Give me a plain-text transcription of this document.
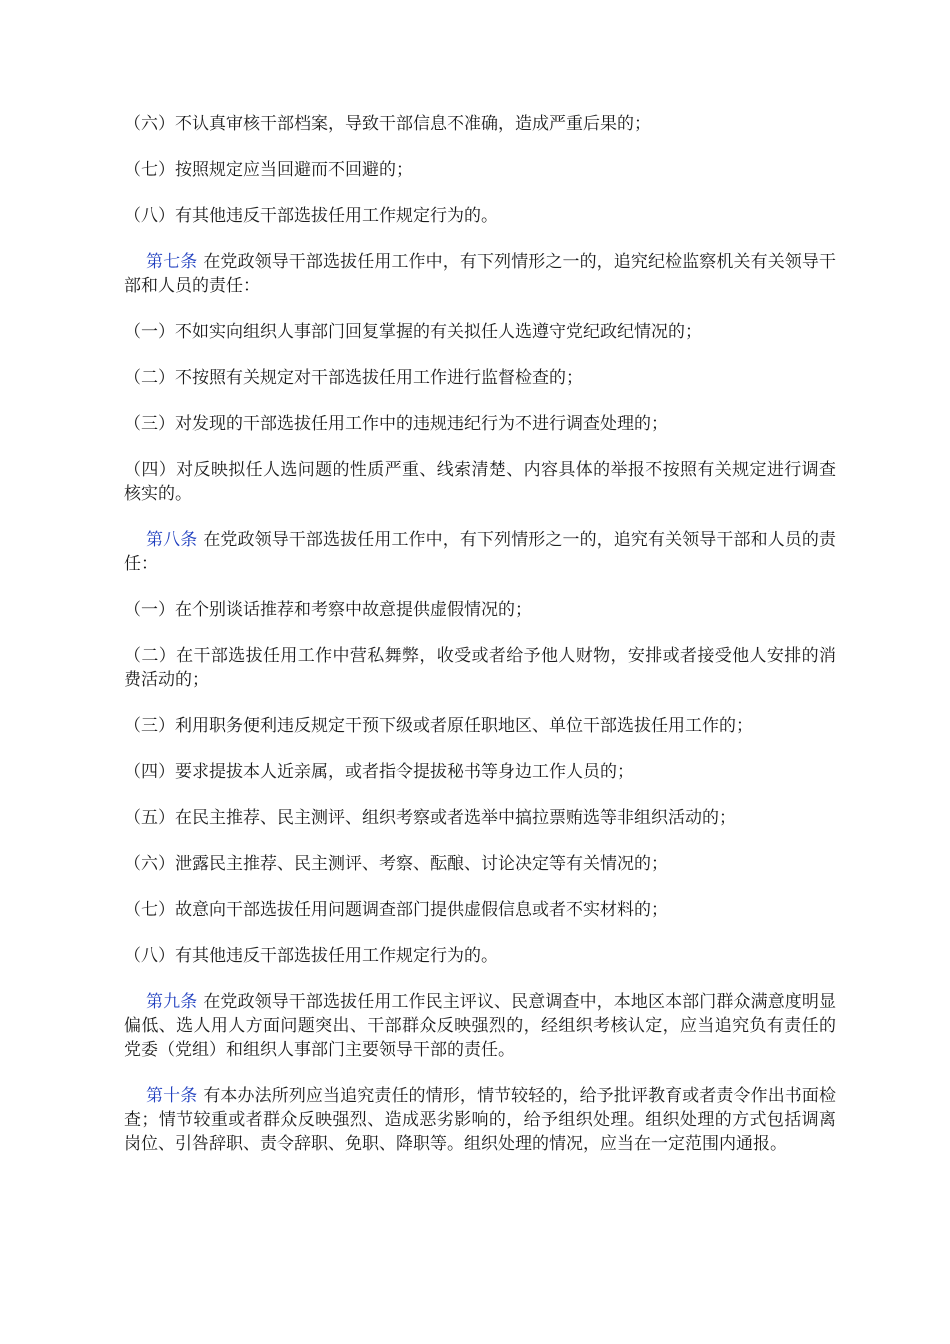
（六）不认真审核干部档案，导致干部信息不准确，造成严重后果的；

（七）按照规定应当回避而不回避的；

（八）有其他违反干部选拔任用工作规定行为的。

第七条 在党政领导干部选拔任用工作中，有下列情形之一的，追究纪检监察机关有关领导干部和人员的责任：

（一）不如实向组织人事部门回复掌握的有关拟任人选遵守党纪政纪情况的；

（二）不按照有关规定对干部选拔任用工作进行监督检查的；

（三）对发现的干部选拔任用工作中的违规违纪行为不进行调查处理的；

（四）对反映拟任人选问题的性质严重、线索清楚、内容具体的举报不按照有关规定进行调查核实的。

第八条 在党政领导干部选拔任用工作中，有下列情形之一的，追究有关领导干部和人员的责任：

（一）在个别谈话推荐和考察中故意提供虚假情况的；

（二）在干部选拔任用工作中营私舞弊，收受或者给予他人财物，安排或者接受他人安排的消费活动的；

（三）利用职务便利违反规定干预下级或者原任职地区、单位干部选拔任用工作的；

（四）要求提拔本人近亲属，或者指令提拔秘书等身边工作人员的；

（五）在民主推荐、民主测评、组织考察或者选举中搞拉票贿选等非组织活动的；

（六）泄露民主推荐、民主测评、考察、酝酿、讨论决定等有关情况的；

（七）故意向干部选拔任用问题调查部门提供虚假信息或者不实材料的；

（八）有其他违反干部选拔任用工作规定行为的。

第九条 在党政领导干部选拔任用工作民主评议、民意调查中，本地区本部门群众满意度明显偏低、选人用人方面问题突出、干部群众反映强烈的，经组织考核认定，应当追究负有责任的党委（党组）和组织人事部门主要领导干部的责任。

第十条 有本办法所列应当追究责任的情形，情节较轻的，给予批评教育或者责令作出书面检查；情节较重或者群众反映强烈、造成恶劣影响的，给予组织处理。组织处理的方式包括调离岗位、引咎辞职、责令辞职、免职、降职等。组织处理的情况，应当在一定范围内通报。
